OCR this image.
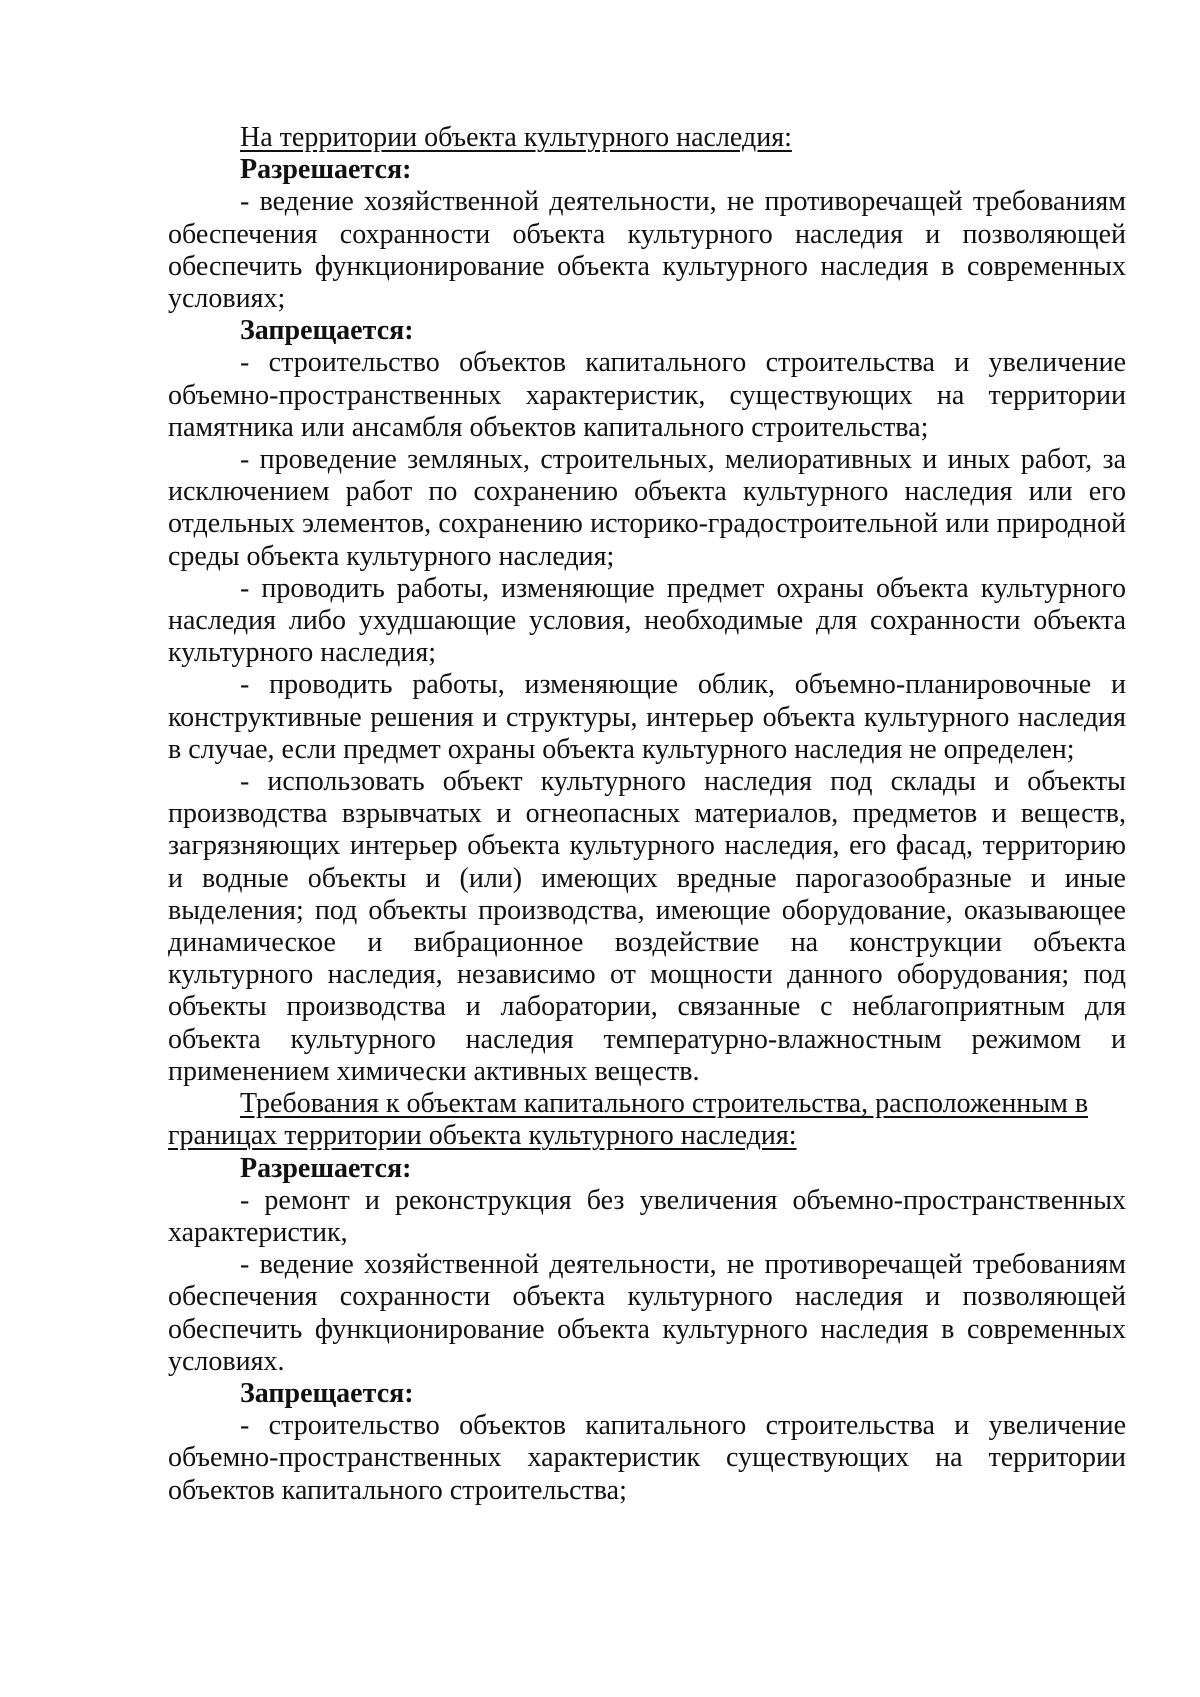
На территории объекта культурного наследия:

Разрешается:

- ведение хозяйственной деятельности, не противоречащей требованиям обеспечения сохранности объекта культурного наследия и позволяющей обеспечить функционирование объекта культурного наследия в современных условиях;

Запрещается:

- строительство объектов капитального строительства и увеличение объемно-пространственных характеристик, существующих на территории памятника или ансамбля объектов капитального строительства;

- проведение земляных, строительных, мелиоративных и иных работ, за исключением работ по сохранению объекта культурного наследия или его отдельных элементов, сохранению историко-градостроительной или природной среды объекта культурного наследия;

- проводить работы, изменяющие предмет охраны объекта культурного наследия либо ухудшающие условия, необходимые для сохранности объекта культурного наследия;

- проводить работы, изменяющие облик, объемно-планировочные и конструктивные решения и структуры, интерьер объекта культурного наследия в случае, если предмет охраны объекта культурного наследия не определен;

- использовать объект культурного наследия под склады и объекты производства взрывчатых и огнеопасных материалов, предметов и веществ, загрязняющих интерьер объекта культурного наследия, его фасад, территорию и водные объекты и (или) имеющих вредные парогазообразные и иные выделения; под объекты производства, имеющие оборудование, оказывающее динамическое и вибрационное воздействие на конструкции объекта культурного наследия, независимо от мощности данного оборудования; под объекты производства и лаборатории, связанные с неблагоприятным для объекта культурного наследия температурно-влажностным режимом и применением химически активных веществ.

Требования к объектам капитального строительства, расположенным в границах территории объекта культурного наследия:

Разрешается:

- ремонт и реконструкция без увеличения объемно-пространственных характеристик,

- ведение хозяйственной деятельности, не противоречащей требованиям обеспечения сохранности объекта культурного наследия и позволяющей обеспечить функционирование объекта культурного наследия в современных условиях.

Запрещается:

- строительство объектов капитального строительства и увеличение объемно-пространственных характеристик существующих на территории объектов капитального строительства;
